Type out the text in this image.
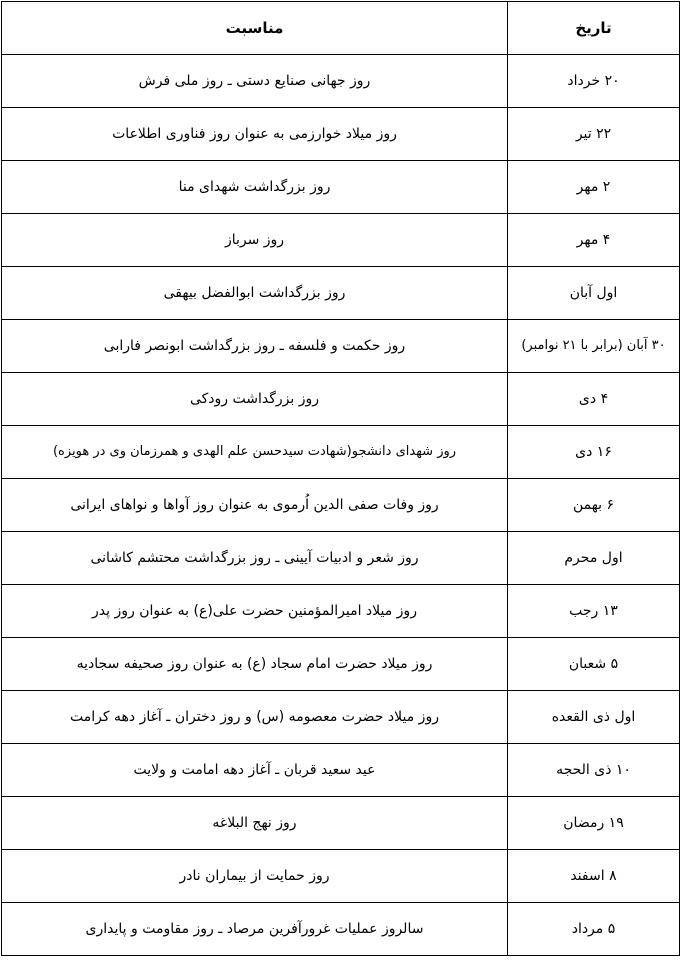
تاریخ	مناسبت
۲۰ خرداد	روز جهانی صنایع دستی ـ روز ملی فرش
۲۲ تیر	روز میلاد خوارزمی به عنوان روز فناوری اطلاعات
۲ مهر	روز بزرگداشت شهدای منا
۴ مهر	روز سرباز
اول آبان	روز بزرگداشت ابوالفضل بیهقی
۳۰ آبان (برابر با ۲۱ نوامبر)	روز حکمت و فلسفه ـ روز بزرگداشت ابونصر فارابی
۴ دی	روز بزرگداشت رودکی
۱۶ دی	روز شهدای دانشجو(شهادت سیدحسن علم الهدی و همرزمان وی در هویزه)
۶ بهمن	روز وفات صفی الدین اُرموی به عنوان روز آواها و نواهای ایرانی
اول محرم	روز شعر و ادبیات آیینی ـ روز بزرگداشت محتشم کاشانی
۱۳ رجب	روز میلاد امیرالمؤمنین حضرت علی(ع) به عنوان روز پدر
۵ شعبان	روز میلاد حضرت امام سجاد (ع) به عنوان روز صحیفه سجادیه
اول ذی القعده	روز میلاد حضرت معصومه (س) و روز دختران ـ آغاز دهه کرامت
۱۰ ذی الحجه	عید سعید قربان ـ آغاز دهه امامت و ولایت
۱۹ رمضان	روز نهج البلاغه
۸ اسفند	روز حمایت از بیماران نادر
۵ مرداد	سالروز عملیات غرورآفرین مرصاد ـ روز مقاومت و پایداری
